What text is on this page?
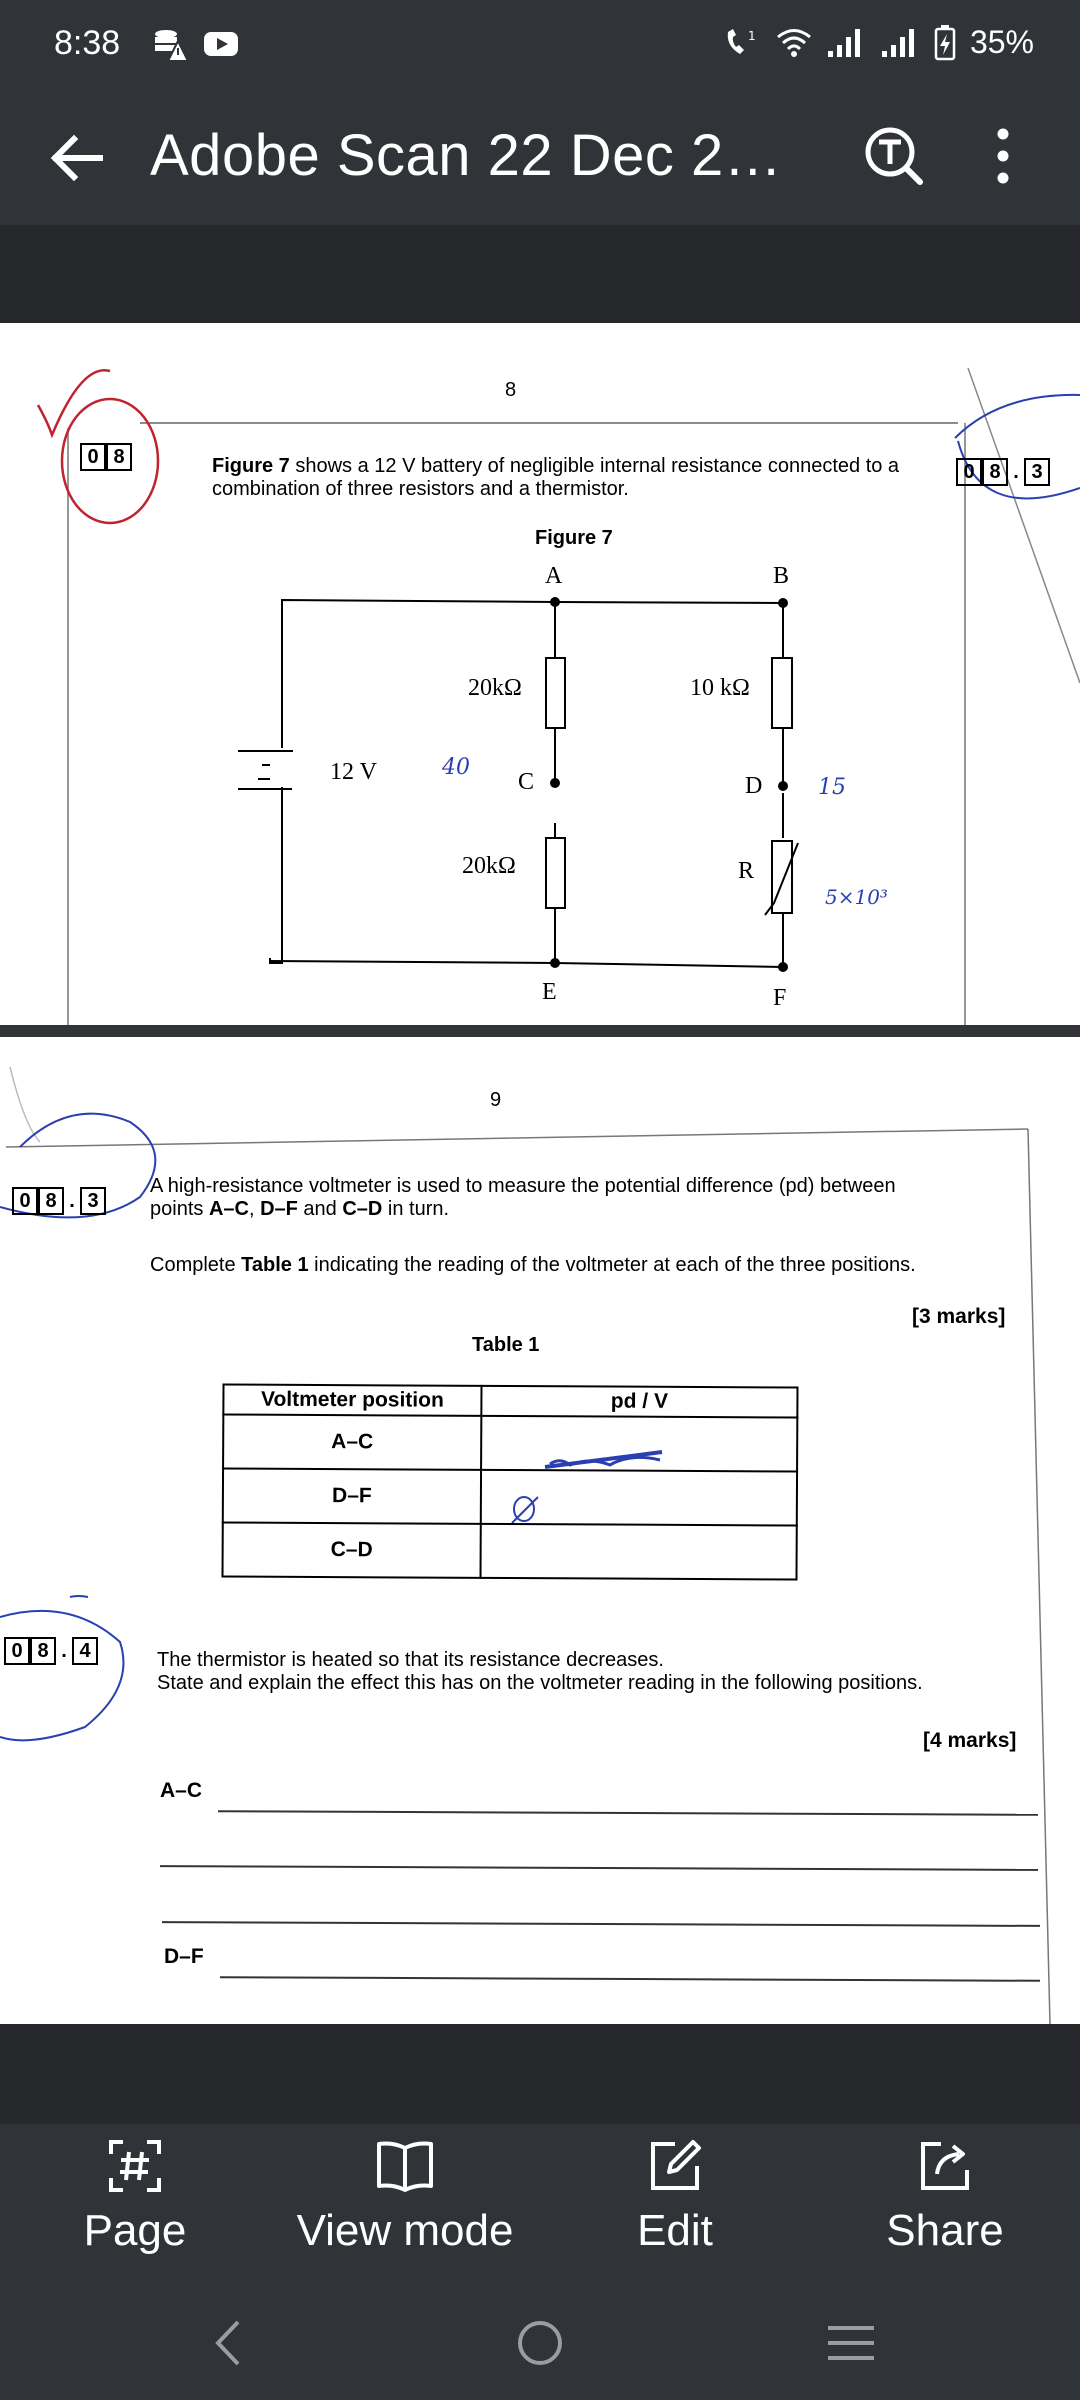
8:38	1	35%
Adobe Scan 22 Dec 2…
8
0 8
0 8 . 3
Figure 7 shows a 12 V battery of negligible internal resistance connected to a combination of three resistors and a thermistor.
Figure 7
A	B
C	D
E	F
20kΩ
20kΩ
10 kΩ
R
12 V	40
15
5×10³
9
0 8 . 3
A high-resistance voltmeter is used to measure the potential difference (pd) between points A–C, D–F and C–D in turn.
Complete Table 1 indicating the reading of the voltmeter at each of the three positions.
[3 marks]
Table 1
Voltmeter position	pd / V
A–C	
D–F	
C–D	
0 8 . 4	The thermistor is heated so that its resistance decreases.
State and explain the effect this has on the voltmeter reading in the following positions.
[4 marks]
A–C
D–F
Page	View mode	Edit	Share
